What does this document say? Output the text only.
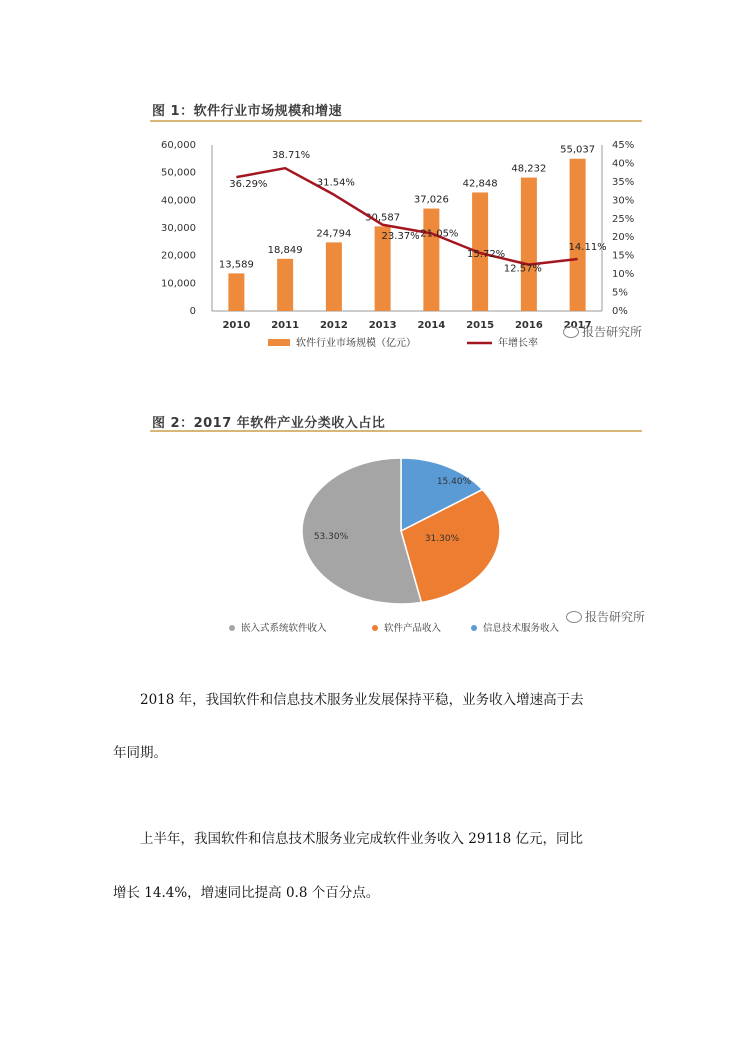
图 1：软件行业市场规模和增速
0
10,000
20,000
30,000
40,000
50,000
60,000
0%
5%
10%
15%
20%
25%
30%
35%
40%
45%
2010 2011 2012 2013 2014 2015 2016 2017
13,589
18,849
24,794
30,587
37,026
42,848
48,232
55,037
36.29%
38.71%
31.54%
23.37% 21.05%
15.72%
12.57%
14.11%
软件行业市场规模（亿元）	年增长率
报告研究所
图 2：2017 年软件产业分类收入占比
15.40%
31.30%
53.30%
嵌入式系统软件收入	软件产品收入	信息技术服务收入
报告研究所
2018 年，我国软件和信息技术服务业发展保持平稳，业务收入增速高于去
年同期。
上半年，我国软件和信息技术服务业完成软件业务收入 29118 亿元，同比
增长 14.4%，增速同比提高 0.8 个百分点。
